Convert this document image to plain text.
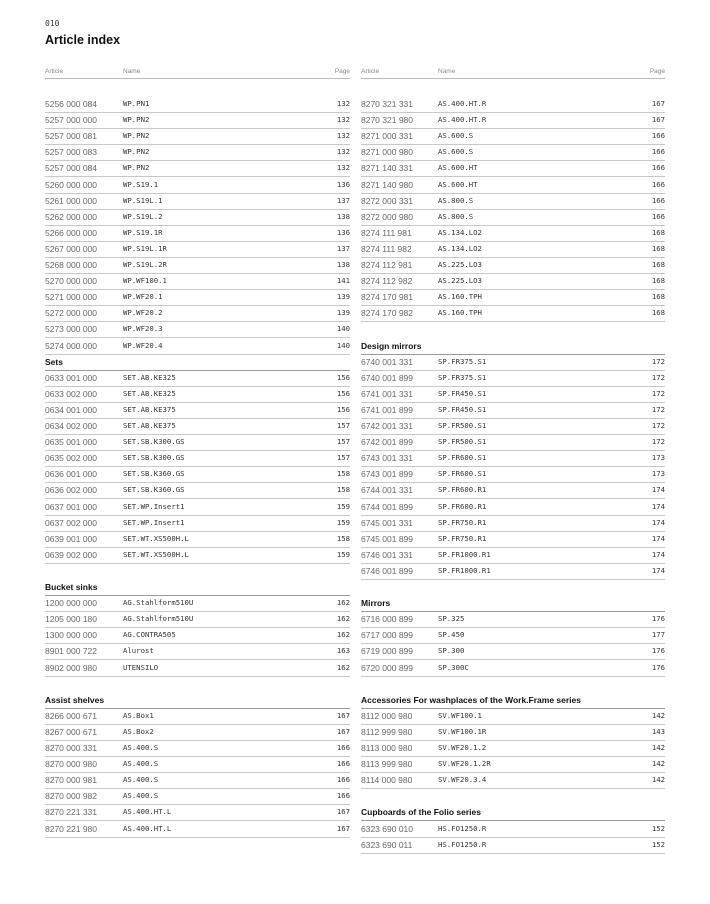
010
Article index
Article	Name	Page
5256 000 084	WP.PN1	132
5257 000 000	WP.PN2	132
5257 000 081	WP.PN2	132
5257 000 083	WP.PN2	132
5257 000 084	WP.PN2	132
5260 000 000	WP.S19.1	136
5261 000 000	WP.S19L.1	137
5262 000 000	WP.S19L.2	138
5266 000 000	WP.S19.1R	136
5267 000 000	WP.S19L.1R	137
5268 000 000	WP.S19L.2R	138
5270 000 000	WP.WF100.1	141
5271 000 000	WP.WF20.1	139
5272 000 000	WP.WF20.2	139
5273 000 000	WP.WF20.3	140
5274 000 000	WP.WF20.4	140
Sets
0633 001 000	SET.AB.KE325	156
0633 002 000	SET.AB.KE325	156
0634 001 000	SET.AB.KE375	156
0634 002 000	SET.AB.KE375	157
0635 001 000	SET.SB.K300.GS	157
0635 002 000	SET.SB.K300.GS	157
0636 001 000	SET.SB.K360.GS	158
0636 002 000	SET.SB.K360.GS	158
0637 001 000	SET.WP.Insert1	159
0637 002 000	SET.WP.Insert1	159
0639 001 000	SET.WT.XS500H.L	158
0639 002 000	SET.WT.XS500H.L	159
Bucket sinks
1200 000 000	AG.Stahlform510U	162
1205 000 180	AG.Stahlform510U	162
1300 000 000	AG.CONTRA505	162
8901 000 722	Alurost	163
8902 000 980	UTENSILO	162
Assist shelves
8266 000 671	AS.Box1	167
8267 000 671	AS.Box2	167
8270 000 331	AS.400.S	166
8270 000 980	AS.400.S	166
8270 000 981	AS.400.S	166
8270 000 982	AS.400.S	166
8270 221 331	AS.400.HT.L	167
8270 221 980	AS.400.HT.L	167
Article	Name	Page
8270 321 331	AS.400.HT.R	167
8270 321 980	AS.400.HT.R	167
8271 000 331	AS.600.S	166
8271 000 980	AS.600.S	166
8271 140 331	AS.600.HT	166
8271 140 980	AS.600.HT	166
8272 000 331	AS.800.S	166
8272 000 980	AS.800.S	166
8274 111 981	AS.134.LO2	168
8274 111 982	AS.134.LO2	168
8274 112 981	AS.225.LO3	168
8274 112 982	AS.225.LO3	168
8274 170 981	AS.160.TPH	168
8274 170 982	AS.160.TPH	168
Design mirrors
6740 001 331	SP.FR375.S1	172
6740 001 899	SP.FR375.S1	172
6741 001 331	SP.FR450.S1	172
6741 001 899	SP.FR450.S1	172
6742 001 331	SP.FR500.S1	172
6742 001 899	SP.FR500.S1	172
6743 001 331	SP.FR600.S1	173
6743 001 899	SP.FR600.S1	173
6744 001 331	SP.FR600.R1	174
6744 001 899	SP.FR600.R1	174
6745 001 331	SP.FR750.R1	174
6745 001 899	SP.FR750.R1	174
6746 001 331	SP.FR1000.R1	174
6746 001 899	SP.FR1000.R1	174
Mirrors
6716 000 899	SP.325	176
6717 000 899	SP.450	177
6719 000 899	SP.300	176
6720 000 899	SP.300C	176
Accessories For washplaces of the Work.Frame series
8112 000 980	SV.WF100.1	142
8112 999 980	SV.WF100.1R	143
8113 000 980	SV.WF20.1.2	142
8113 999 980	SV.WF20.1.2R	142
8114 000 980	SV.WF20.3.4	142
Cupboards of the Folio series
6323 690 010	HS.FO1250.R	152
6323 690 011	HS.FO1250.R	152
